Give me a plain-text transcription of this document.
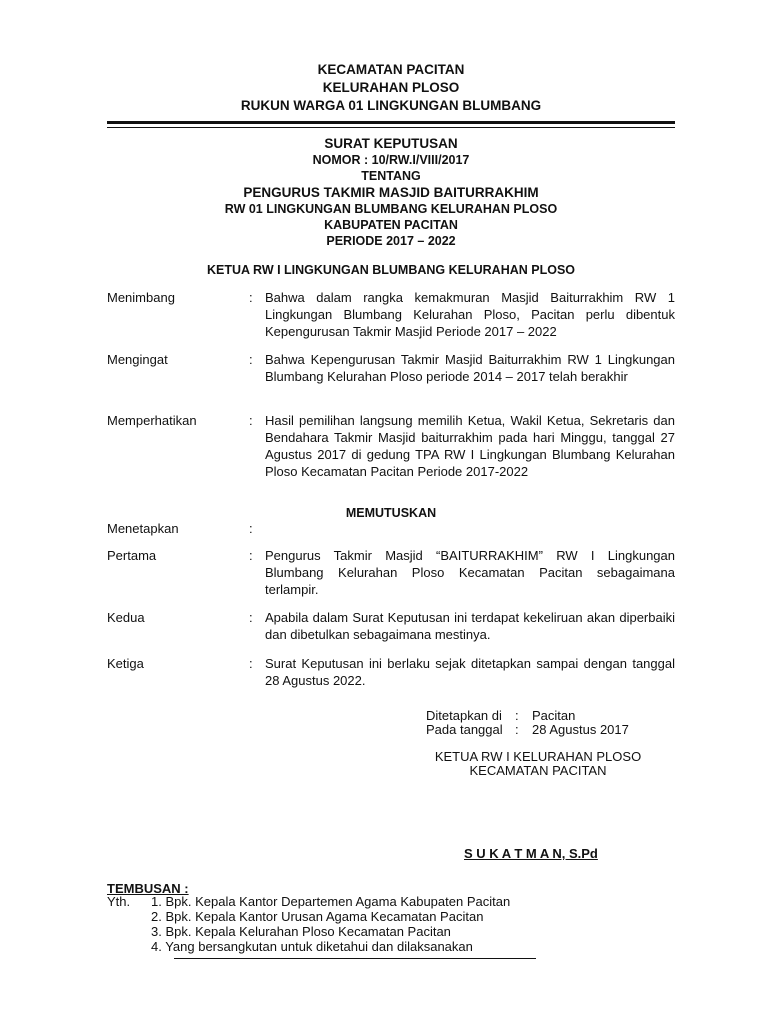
KECAMATAN PACITAN
KELURAHAN PLOSO
RUKUN WARGA 01 LINGKUNGAN BLUMBANG
SURAT KEPUTUSAN
NOMOR : 10/RW.I/VIII/2017
TENTANG
PENGURUS TAKMIR MASJID BAITURRAKHIM
RW 01 LINGKUNGAN BLUMBANG KELURAHAN PLOSO
KABUPATEN PACITAN
PERIODE 2017 – 2022
KETUA RW I LINGKUNGAN BLUMBANG KELURAHAN PLOSO
Menimbang	: Bahwa dalam rangka kemakmuran Masjid Baiturrakhim RW 1 Lingkungan Blumbang Kelurahan Ploso, Pacitan perlu dibentuk Kepengurusan Takmir Masjid Periode 2017 – 2022
Mengingat	: Bahwa Kepengurusan Takmir Masjid Baiturrakhim RW 1 Lingkungan Blumbang Kelurahan Ploso periode 2014 – 2017 telah berakhir
Memperhatikan	: Hasil pemilihan langsung memilih Ketua, Wakil Ketua, Sekretaris dan Bendahara Takmir Masjid baiturrakhim pada hari Minggu, tanggal 27 Agustus 2017 di gedung TPA RW I Lingkungan Blumbang Kelurahan Ploso Kecamatan Pacitan Periode 2017-2022
MEMUTUSKAN
Menetapkan	:
Pertama	: Pengurus Takmir Masjid “BAITURRAKHIM” RW I Lingkungan Blumbang Kelurahan Ploso Kecamatan Pacitan sebagaimana terlampir.
Kedua	: Apabila dalam Surat Keputusan ini terdapat kekeliruan akan diperbaiki dan dibetulkan sebagaimana mestinya.
Ketiga	: Surat Keputusan ini berlaku sejak ditetapkan sampai dengan tanggal 28 Agustus 2022.
Ditetapkan di : Pacitan
Pada tanggal : 28 Agustus 2017
KETUA RW I KELURAHAN PLOSO
KECAMATAN PACITAN
S U K A T M A N, S.Pd
TEMBUSAN :
Yth. 1. Bpk. Kepala Kantor Departemen Agama Kabupaten Pacitan
2. Bpk. Kepala Kantor Urusan Agama Kecamatan Pacitan
3. Bpk. Kepala Kelurahan Ploso Kecamatan Pacitan
4. Yang bersangkutan untuk diketahui dan dilaksanakan
